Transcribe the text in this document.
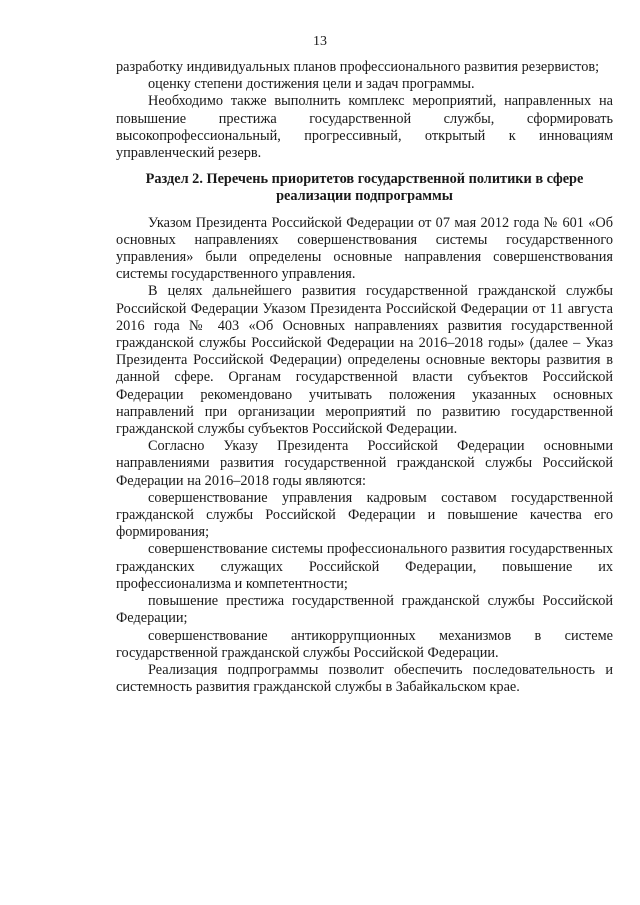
13

разработку индивидуальных планов профессионального развития резервистов;

оценку степени достижения цели и задач программы.

Необходимо также выполнить комплекс мероприятий, направленных на повышение престижа государственной службы, сформировать высокопрофессиональный, прогрессивный, открытый к инновациям управленческий резерв.

Раздел 2. Перечень приоритетов государственной политики в сфере реализации подпрограммы

Указом Президента Российской Федерации от 07 мая 2012 года № 601 «Об основных направлениях совершенствования системы государственного управления» были определены основные направления совершенствования системы государственного управления.

В целях дальнейшего развития государственной гражданской службы Российской Федерации Указом Президента Российской Федерации от 11 августа 2016 года № 403 «Об Основных направлениях развития государственной гражданской службы Российской Федерации на 2016–2018 годы» (далее – Указ Президента Российской Федерации) определены основные векторы развития в данной сфере. Органам государственной власти субъектов Российской Федерации рекомендовано учитывать положения указанных основных направлений при организации мероприятий по развитию государственной гражданской службы субъектов Российской Федерации.

Согласно Указу Президента Российской Федерации основными направлениями развития государственной гражданской службы Российской Федерации на 2016–2018 годы являются:

совершенствование управления кадровым составом государственной гражданской службы Российской Федерации и повышение качества его формирования;

совершенствование системы профессионального развития государственных гражданских служащих Российской Федерации, повышение их профессионализма и компетентности;

повышение престижа государственной гражданской службы Российской Федерации;

совершенствование антикоррупционных механизмов в системе государственной гражданской службы Российской Федерации.

Реализация подпрограммы позволит обеспечить последовательность и системность развития гражданской службы в Забайкальском крае.
